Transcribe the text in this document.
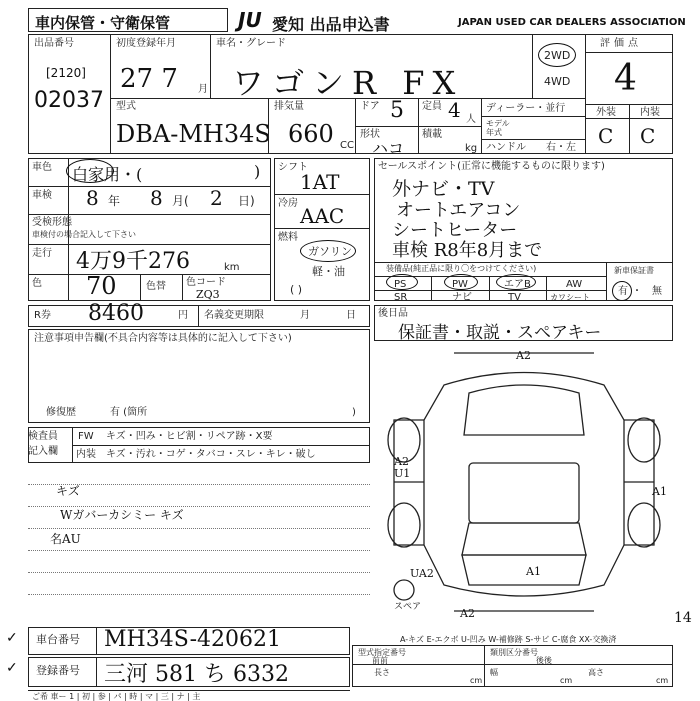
車内保管・守衛保管	JU 愛知 出品申込書	JAPAN USED CAR DEALERS ASSOCIATION
出品番号
[2120]
02037
初度登録年月
27 7 月
車名・グレード
ワゴンR FX
2WD
4WD
評価点
4
外装 内装
C C
型式
DBA-MH34S
排気量
660 CC
ドア 5
形状
ハコ
定員 4 人
積載
kg
ディーラー・並行
モデル
年式
ハンドル 右・左
車色 白家用・(	)
車検 8 年 8 月( 2 日)
受検形態
車検付の場合記入して下さい
走行 4万9千276	km
色 70	色替 色コード
ZQ3
シフト
1AT
冷房
AAC
燃料
ガソリン
軽・油
( )
セールスポイント(正常に機能するものに限ります)
外ナビ・TV
オートエアコン
シートヒーター
車検 R8年8月まで
装備品(純正品に限り〇をつけてください)
PS	PW	エアB	AW
SR	ナビ	TV	カワシート
新車保証書
有 ・ 無
R券 8460	円 名義変更期限	月	日 後日品
保証書・取説・スペアキー
注意事項申告欄(不具合内容等は具体的に記入して下さい)
修復歴	有 (箇所	)
検査員
記入欄
FW キズ・凹み・ヒビ割・リペア跡・X要
内装 キズ・汚れ・コゲ・タバコ・スレ・キレ・破し
キズ
Wガバーカシミー キズ
名AU
A2
A2
U1
A1
A1
UA2
A2
スペア
A-キズ E-エクボ U-凹み W-補修跡 S-サビ C-腐食 XX-交換済
車台番号 MH34S-420621
登録番号 三河 581 ち 6332
型式指定番号	類別区分番号
前前	後後
長さ	幅	高さ
cm	cm	cm
14
ご希 車ー 1 | 初 | 参 | パ | 時 | マ | 三 | ナ | 主
✓
✓
